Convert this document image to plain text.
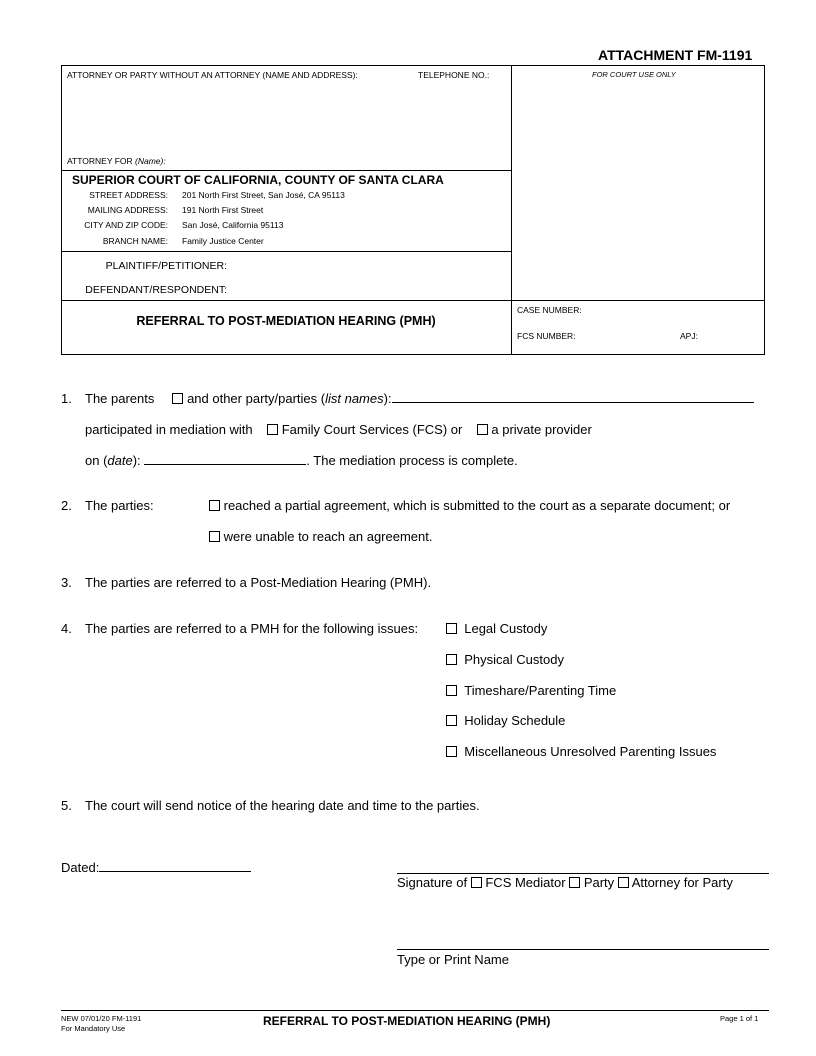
ATTACHMENT FM-1191
ATTORNEY OR PARTY WITHOUT AN ATTORNEY (NAME AND ADDRESS):	TELEPHONE NO.:	FOR COURT USE ONLY
ATTORNEY FOR (Name):
SUPERIOR COURT OF CALIFORNIA, COUNTY OF SANTA CLARA
STREET ADDRESS: 201 North First Street, San José, CA 95113
MAILING ADDRESS: 191 North First Street
CITY AND ZIP CODE: San José, California 95113
BRANCH NAME: Family Justice Center
PLAINTIFF/PETITIONER:
DEFENDANT/RESPONDENT:
REFERRAL TO POST-MEDIATION HEARING (PMH)
CASE NUMBER:
FCS NUMBER:	APJ:
1. The parents	and other party/parties (list names):
participated in mediation with Family Court Services (FCS) or a private provider
on (date):	. The mediation process is complete.
2. The parties:	reached a partial agreement, which is submitted to the court as a separate document; or
were unable to reach an agreement.
3. The parties are referred to a Post-Mediation Hearing (PMH).
4. The parties are referred to a PMH for the following issues:	Legal Custody
Physical Custody
Timeshare/Parenting Time
Holiday Schedule
Miscellaneous Unresolved Parenting Issues
5. The court will send notice of the hearing date and time to the parties.
Dated:
Signature of FCS Mediator Party Attorney for Party
Type or Print Name
NEW 07/01/20 FM-1191
For Mandatory Use
REFERRAL TO POST-MEDIATION HEARING (PMH)	Page 1 of 1
